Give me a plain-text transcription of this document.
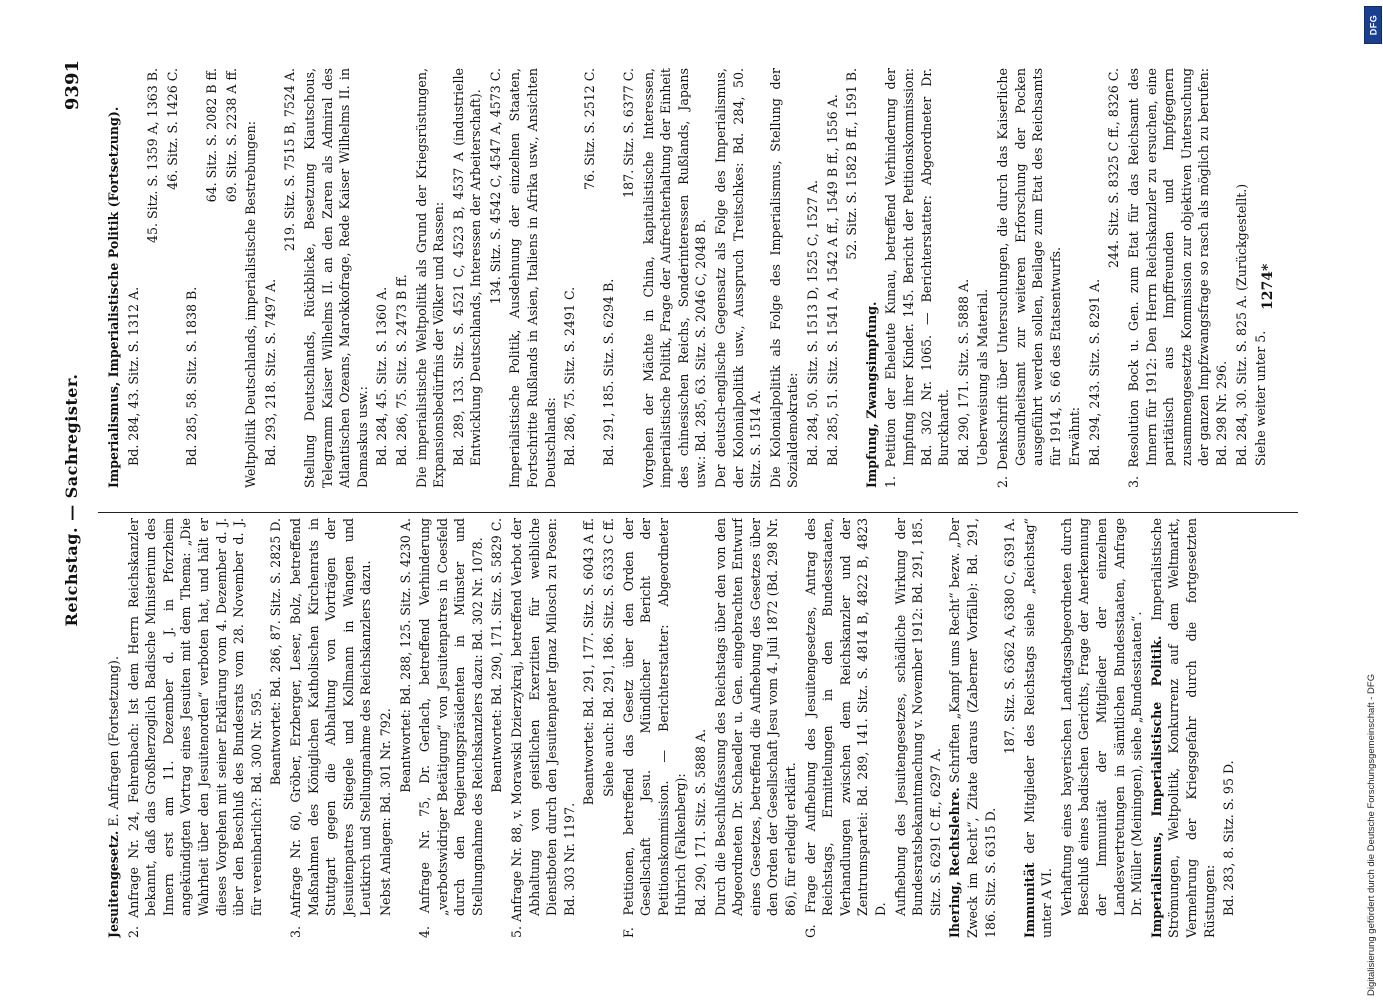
Reichstag. — Sachregister.
9391

Jesuitengesetz. E. Anfragen (Fortsetzung). 2. Anfrage Nr. 24, Fehrenbach: Ist dem Herrn Reichskanzler bekannt, daß das Großherzoglich Badische Ministerium des Innern erst am 11. Dezember d. J. in Pforzheim angekündigten Vortrag eines Jesuiten mit dem Thema: „Die Wahrheit über den Jesuitenorden“ verboten hat, und hält er dieses Vorgehen mit seiner Erklärung vom 4. Dezember d. J. über den Beschluß des Bundesrats vom 28. November d. J. für vereinbarlich?: Bd. 300 Nr. 595.

Beantwortet: Bd. 286, 87. Sitz. S. 2825 D. 3. Anfrage Nr. 60, Gröber, Erzberger, Leser, Bolz, betreffend Maßnahmen des Königlichen Katholischen Kirchenrats in Stuttgart gegen die Abhaltung von Vorträgen der Jesuitenpatres Stiegele und Kollmann in Wangen und Leutkirch und Stellungnahme des Reichskanzlers dazu. Nebst Anlagen: Bd. 301 Nr. 792.

Beantwortet: Bd. 288, 125. Sitz. S. 4230 A. 4. Anfrage Nr. 75, Dr. Gerlach, betreffend Verhinderung „verbotswidriger Betätigung“ von Jesuitenpatres in Coesfeld durch den Regierungspräsidenten in Münster und Stellungnahme des Reichskanzlers dazu: Bd. 302 Nr. 1078. Beantwortet: Bd. 290, 171. Sitz. S. 5829 C. 5. Anfrage Nr. 88, v. Morawski Dzierzykraj, betreffend Verbot der Abhaltung von geistlichen Exerzitien für weibliche Dienstboten durch den Jesuitenpater Ignaz Milosch zu Posen: Bd. 303 Nr. 1197.

Beantwortet: Bd. 291, 177. Sitz. S. 6043 A ff. Siehe auch: Bd. 291, 186. Sitz. S. 6333 C ff. F. Petitionen, betreffend das Gesetz über den Orden der Gesellschaft Jesu. Mündlicher Bericht der Petitionskommission. — Berichterstatter: Abgeordneter Hubrich (Falkenberg): Bd. 290, 171. Sitz. S. 5888 A. Durch die Beschlußfassung des Reichstags über den von den Abgeordneten Dr. Schaedler u. Gen. eingebrachten Entwurf eines Gesetzes, betreffend die Aufhebung des Gesetzes über den Orden der Gesellschaft Jesu vom 4. Juli 1872 (Bd. 298 Nr. 86), für erledigt erklärt. G. Frage der Aufhebung des Jesuitengesetzes, Antrag des Reichstags, Ermittelungen in den Bundesstaaten, Verhandlungen zwischen dem Reichskanzler und der Zentrumspartei: Bd. 289, 141. Sitz. S. 4814 B, 4822 B, 4823 D. Aufhebung des Jesuitengesetzes, schädliche Wirkung der Bundesratsbekanntmachung v. November 1912: Bd. 291, 185. Sitz. S. 6291 C ff., 6297 A. Ihering, Rechtslehre. Schriften „Kampf ums Recht“ bezw. „Der Zweck im Recht“, Zitate daraus (Zaberner Vorfälle): Bd. 291, 186. Sitz. S. 6315 D.

187. Sitz. S. 6362 A, 6380 C, 6391 A.

Immunität der Mitglieder des Reichstags siehe „Reichstag“ unter A VI. Verhaftung eines bayerischen Landtagsabgeordneten durch Beschluß eines badischen Gerichts, Frage der Anerkennung der Immunität der Mitglieder der einzelnen Landesvertretungen in sämtlichen Bundesstaaten, Anfrage Dr. Müller (Meiningen), siehe „Bundesstaaten“. Imperialismus, Imperialistische Politik. Imperialistische Strömungen, Weltpolitik, Konkurrenz auf dem Weltmarkt, Vermehrung der Kriegsgefahr durch die fortgesetzten Rüstungen: Bd. 283, 8. Sitz. S. 95 D.

Imperialismus, Imperialistische Politik (Fortsetzung). Bd. 284, 43. Sitz. S. 1312 A.

45. Sitz. S. 1359 A, 1363 B. 46. Sitz. S. 1426 C.

Bd. 285, 58. Sitz. S. 1838 B.

64. Sitz. S. 2082 B ff. 69. Sitz. S. 2238 A ff. Weltpolitik Deutschlands, imperialistische Bestrebungen: Bd. 293, 218. Sitz. S. 7497 A.

219. Sitz. S. 7515 B, 7524 A. Stellung Deutschlands, Rückblicke, Besetzung Kiautschous, Telegramm Kaiser Wilhelms II. an den Zaren als Admiral des Atlantischen Ozeans, Marokkofrage, Rede Kaiser Wilhelms II. in Damaskus usw.: Bd. 284, 45. Sitz. S. 1360 A. Bd. 286, 75. Sitz. S. 2473 B ff. Die imperialistische Weltpolitik als Grund der Kriegsrüstungen, Expansionsbedürfnis der Völker und Rassen: Bd. 289, 133. Sitz. S. 4521 C, 4523 B, 4537 A (industrielle Entwicklung Deutschlands, Interessen der Arbeiterschaft). 134. Sitz. S. 4542 C, 4547 A, 4573 C. Imperialistische Politik, Ausdehnung der einzelnen Staaten, Fortschritte Rußlands in Asien, Italiens in Afrika usw., Ansichten Deutschlands: Bd. 286, 75. Sitz. S. 2491 C.

76. Sitz. S. 2512 C.

Bd. 291, 185. Sitz. S. 6294 B.

187. Sitz. S. 6377 C. Vorgehen der Mächte in China, kapitalistische Interessen, imperialistische Politik, Frage der Aufrechterhaltung der Einheit des chinesischen Reichs, Sonderinteressen Rußlands, Japans usw.: Bd. 285, 63. Sitz. S. 2046 C, 2048 B. Der deutsch-englische Gegensatz als Folge des Imperialismus, der Kolonialpolitik usw., Ausspruch Treitschkes: Bd. 284, 50. Sitz. S. 1514 A. Die Kolonialpolitik als Folge des Imperialismus, Stellung der Sozialdemokratie: Bd. 284, 50. Sitz. S. 1513 D, 1525 C, 1527 A. Bd. 285, 51. Sitz. S. 1541 A, 1542 A ff., 1549 B ff., 1556 A. 52. Sitz. S. 1582 B ff., 1591 B.

Impfung, Zwangsimpfung. 1. Petition der Eheleute Kunau, betreffend Verhinderung der Impfung ihrer Kinder. 145. Bericht der Petitionskommission: Bd. 302 Nr. 1065. — Berichterstatter: Abgeordneter Dr. Burckhardt. Bd. 290, 171. Sitz. S. 5888 A. Ueberweisung als Material. 2. Denkschrift über Untersuchungen, die durch das Kaiserliche Gesundheitsamt zur weiteren Erforschung der Pocken ausgeführt werden sollen, Beilage zum Etat des Reichsamts für 1914, S. 66 des Etatsentwurfs. Erwähnt: Bd. 294, 243. Sitz. S. 8291 A.

244. Sitz. S. 8325 C ff., 8326 C. 3. Resolution Bock u. Gen. zum Etat für das Reichsamt des Innern für 1912: Den Herrn Reichskanzler zu ersuchen, eine paritätisch aus Impffreunden und Impfgegnern zusammengesetzte Kommission zur objektiven Untersuchung der ganzen Impfzwangsfrage so rasch als möglich zu berufen: Bd. 298 Nr. 296. Bd. 284, 30. Sitz. S. 825 A. (Zurückgestellt.) Siehe weiter unter 5.

1274*
Digitalisierung gefördert durch die Deutsche Forschungsgemeinschaft - DFG
DFG
